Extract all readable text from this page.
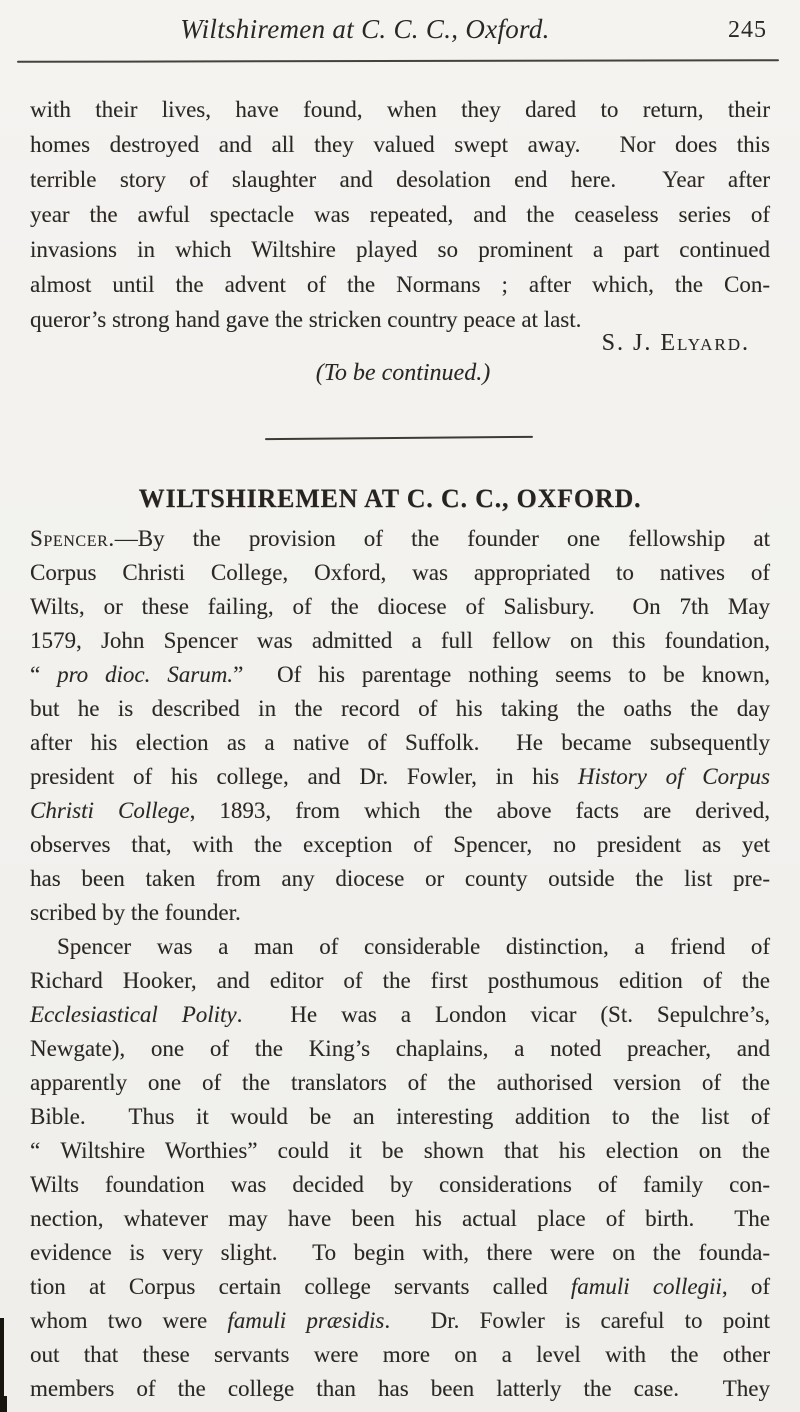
Wiltshiremen at C. C. C., Oxford.	245
with their lives, have found, when they dared to return, their
homes destroyed and all they valued swept away.  Nor does this
terrible story of slaughter and desolation end here.  Year after
year the awful spectacle was repeated, and the ceaseless series of
invasions in which Wiltshire played so prominent a part continued
almost until the advent of the Normans ; after which, the Con-
queror’s strong hand gave the stricken country peace at last.
S. J. Elyard.
(To be continued.)
WILTSHIREMEN AT C. C. C., OXFORD.
Spencer.—By the provision of the founder one fellowship at
Corpus Christi College, Oxford, was appropriated to natives of
Wilts, or these failing, of the diocese of Salisbury.  On 7th May
1579, John Spencer was admitted a full fellow on this foundation,
“ pro dioc. Sarum.”  Of his parentage nothing seems to be known,
but he is described in the record of his taking the oaths the day
after his election as a native of Suffolk.  He became subsequently
president of his college, and Dr. Fowler, in his History of Corpus
Christi College, 1893, from which the above facts are derived,
observes that, with the exception of Spencer, no president as yet
has been taken from any diocese or county outside the list pre-
scribed by the founder.
Spencer was a man of considerable distinction, a friend of
Richard Hooker, and editor of the first posthumous edition of the
Ecclesiastical Polity.  He was a London vicar (St. Sepulchre’s,
Newgate), one of the King’s chaplains, a noted preacher, and
apparently one of the translators of the authorised version of the
Bible.  Thus it would be an interesting addition to the list of
“ Wiltshire Worthies” could it be shown that his election on the
Wilts foundation was decided by considerations of family con-
nection, whatever may have been his actual place of birth.  The
evidence is very slight.  To begin with, there were on the founda-
tion at Corpus certain college servants called famuli collegii, of
whom two were famuli præsidis.  Dr. Fowler is careful to point
out that these servants were more on a level with the other
members of the college than has been latterly the case.  They
